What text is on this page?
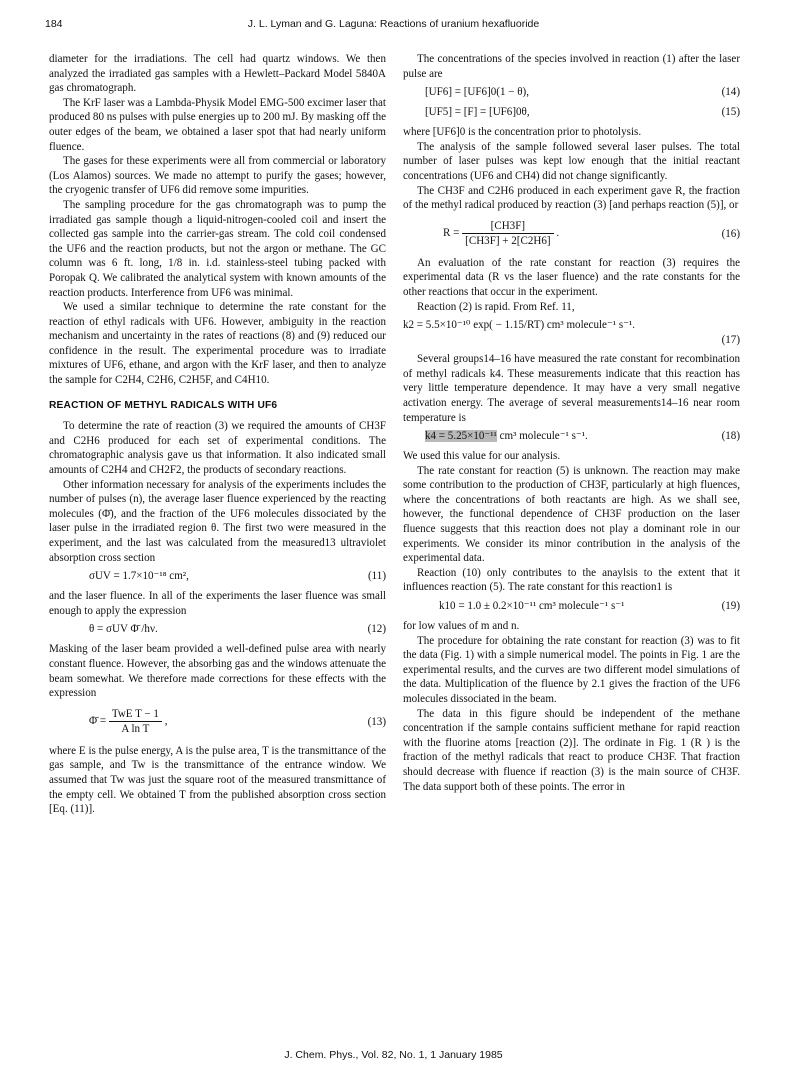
184	J. L. Lyman and G. Laguna: Reactions of uranium hexafluoride

diameter for the irradiations. The cell had quartz windows. We then analyzed the irradiated gas samples with a Hewlett–Packard Model 5840A gas chromatograph.

The KrF laser was a Lambda-Physik Model EMG-500 excimer laser that produced 80 ns pulses with pulse energies up to 200 mJ. By masking off the outer edges of the beam, we obtained a laser spot that had nearly uniform fluence.

The gases for these experiments were all from commercial or laboratory (Los Alamos) sources. We made no attempt to purify the gases; however, the cryogenic transfer of UF6 did remove some impurities.

The sampling procedure for the gas chromatograph was to pump the irradiated gas sample though a liquid-nitrogen-cooled coil and insert the collected gas sample into the carrier-gas stream. The cold coil condensed the UF6 and the reaction products, but not the argon or methane. The GC column was 6 ft. long, 1/8 in. i.d. stainless-steel tubing packed with Poropak Q. We calibrated the analytical system with known amounts of the reaction products. Interference from UF6 was minimal.

We used a similar technique to determine the rate constant for the reaction of ethyl radicals with UF6. However, ambiguity in the reaction mechanism and uncertainty in the rates of reactions (8) and (9) reduced our confidence in the result. The experimental procedure was to irradiate mixtures of UF6, ethane, and argon with the KrF laser, and then to analyze the sample for C2H4, C2H6, C2H5F, and C4H10.

REACTION OF METHYL RADICALS WITH UF6

To determine the rate of reaction (3) we required the amounts of CH3F and C2H6 produced for each set of experimental conditions. The chromatographic analysis gave us that information. It also indicated small amounts of C2H4 and CH2F2, the products of secondary reactions.

Other information necessary for analysis of the experiments includes the number of pulses (n), the average laser fluence experienced by the reacting molecules (Φ̄), and the fraction of the UF6 molecules dissociated by the laser pulse in the irradiated region θ. The first two were measured in the experiment, and the last was calculated from the measured13 ultraviolet absorption cross section

σUV = 1.7×10⁻¹⁸ cm²,	(11)

and the laser fluence. In all of the experiments the laser fluence was small enough to apply the expression

θ = σUV Φ̄ /hν.	(12)

Masking of the laser beam provided a well-defined pulse area with nearly constant fluence. However, the absorbing gas and the windows attenuate the beam somewhat. We therefore made corrections for these effects with the expression

Φ̄ = $\frac{\text{TwE T − 1}}{\text{A ln T}}$ ,	(13)

where E is the pulse energy, A is the pulse area, T is the transmittance of the gas sample, and Tw is the transmittance of the entrance window. We assumed that Tw was just the square root of the measured transmittance of the empty cell. We obtained T from the published absorption cross section [Eq. (11)].

The concentrations of the species involved in reaction (1) after the laser pulse are

[UF6] = [UF6]0(1 − θ),	(14)
[UF5] = [F] = [UF6]0θ,	(15)

where [UF6]0 is the concentration prior to photolysis.

The analysis of the sample followed several laser pulses. The total number of laser pulses was kept low enough that the initial reactant concentrations (UF6 and CH4) did not change significantly.

The CH3F and C2H6 produced in each experiment gave R, the fraction of the methyl radical produced by reaction (3) [and perhaps reaction (5)], or

$R = \frac{[CH3F]}{[CH3F] + 2[C2H6]}$ .	(16)

An evaluation of the rate constant for reaction (3) requires the experimental data (R vs the laser fluence) and the rate constants for the other reactions that occur in the experiment.

Reaction (2) is rapid. From Ref. 11,

k2 = 5.5×10⁻¹⁰ exp( − 1.15/RT) cm³ molecule⁻¹ s⁻¹.
(17)

Several groups14–16 have measured the rate constant for recombination of methyl radicals k4. These measurements indicate that this reaction has very little temperature dependence. It may have a very small negative activation energy. The average of several measurements14–16 near room temperature is

k4 = 5.25×10⁻¹¹ cm³ molecule⁻¹ s⁻¹.	(18)

We used this value for our analysis.

The rate constant for reaction (5) is unknown. The reaction may make some contribution to the production of CH3F, particularly at high fluences, where the concentrations of both reactants are high. As we shall see, however, the functional dependence of CH3F production on the laser fluence suggests that this reaction does not play a dominant role in our experiments. We consider its minor contribution in the analysis of the experimental data.

Reaction (10) only contributes to the anaylsis to the extent that it influences reaction (5). The rate constant for this reaction1 is

k10 = 1.0 ± 0.2×10⁻¹¹ cm³ molecule⁻¹ s⁻¹	(19)

for low values of m and n.

The procedure for obtaining the rate constant for reaction (3) was to fit the data (Fig. 1) with a simple numerical model. The points in Fig. 1 are the experimental results, and the curves are two different model simulations of the data. Multiplication of the fluence by 2.1 gives the fraction of the UF6 molecules dissociated in the beam.

The data in this figure should be independent of the methane concentration if the sample contains sufficient methane for rapid reaction with the fluorine atoms [reaction (2)]. The ordinate in Fig. 1 (R ) is the fraction of the methyl radicals that react to produce CH3F. That fraction should decrease with fluence if reaction (3) is the main source of CH3F. The data support both of these points. The error in

J. Chem. Phys., Vol. 82, No. 1, 1 January 1985
